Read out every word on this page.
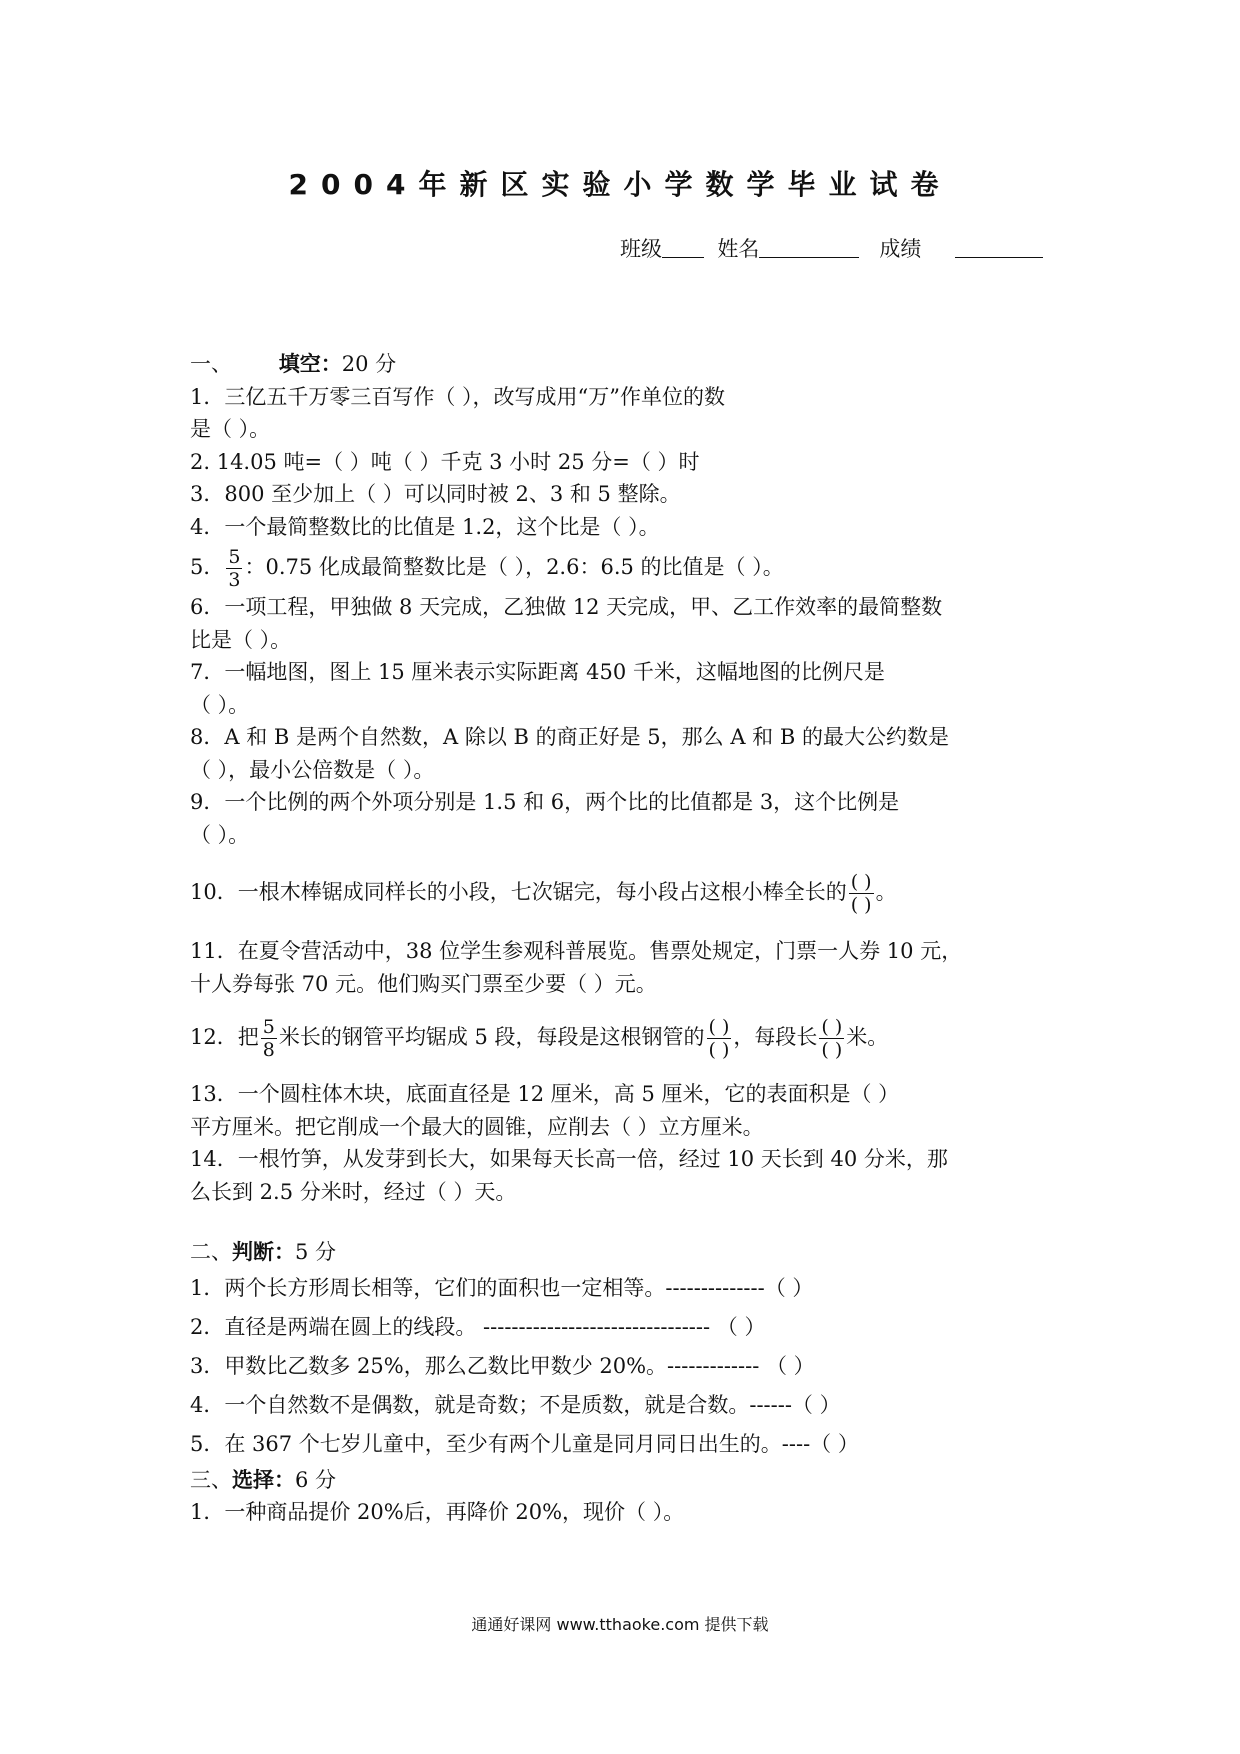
2004年新区实验小学数学毕业试卷
班级	姓名	成绩
一、 填空：20 分
1．三亿五千万零三百写作（ ），改写成用“万”作单位的数
是（ ）。
2. 14.05 吨=（ ）吨（ ）千克 3 小时 25 分=（ ）时
3．800 至少加上（ ）可以同时被 2、3 和 5 整除。
4．一个最简整数比的比值是 1.2，这个比是（ ）。
5． $\frac{5}{3}$ ：0.75 化成最简整数比是（ ），2.6：6.5 的比值是（ ）。
6．一项工程，甲独做 8 天完成，乙独做 12 天完成，甲、乙工作效率的最简整数
比是（ ）。
7．一幅地图，图上 15 厘米表示实际距离 450 千米，这幅地图的比例尺是
（ ）。
8．A 和 B 是两个自然数，A 除以 B 的商正好是 5，那么 A 和 B 的最大公约数是
（ ），最小公倍数是（ ）。
9．一个比例的两个外项分别是 1.5 和 6，两个比的比值都是 3，这个比例是
（ ）。
10．一根木棒锯成同样长的小段，七次锯完，每小段占这根小棒全长的 $\frac{( )}{( )}$ 。
11．在夏令营活动中，38 位学生参观科普展览。售票处规定，门票一人券 10 元，
十人券每张 70 元。他们购买门票至少要（ ）元。
12．把 $\frac{5}{8}$ 米长的钢管平均锯成 5 段，每段是这根钢管的 $\frac{( )}{( )}$ ，每段长 $\frac{( )}{( )}$ 米。
13．一个圆柱体木块，底面直径是 12 厘米，高 5 厘米，它的表面积是（ ）
平方厘米。把它削成一个最大的圆锥，应削去（ ）立方厘米。
14．一根竹笋，从发芽到长大，如果每天长高一倍，经过 10 天长到 40 分米，那
么长到 2.5 分米时，经过（ ）天。
二、判断：5 分
1．两个长方形周长相等，它们的面积也一定相等。--------------（ ）
2．直径是两端在圆上的线段。 -------------------------------- （ ）
3．甲数比乙数多 25%，那么乙数比甲数少 20%。------------- （ ）
4．一个自然数不是偶数，就是奇数；不是质数，就是合数。------（ ）
5．在 367 个七岁儿童中，至少有两个儿童是同月同日出生的。----（ ）
三、选择：6 分
1．一种商品提价 20%后，再降价 20%，现价（ ）。
通通好课网 www.tthaoke.com 提供下载
